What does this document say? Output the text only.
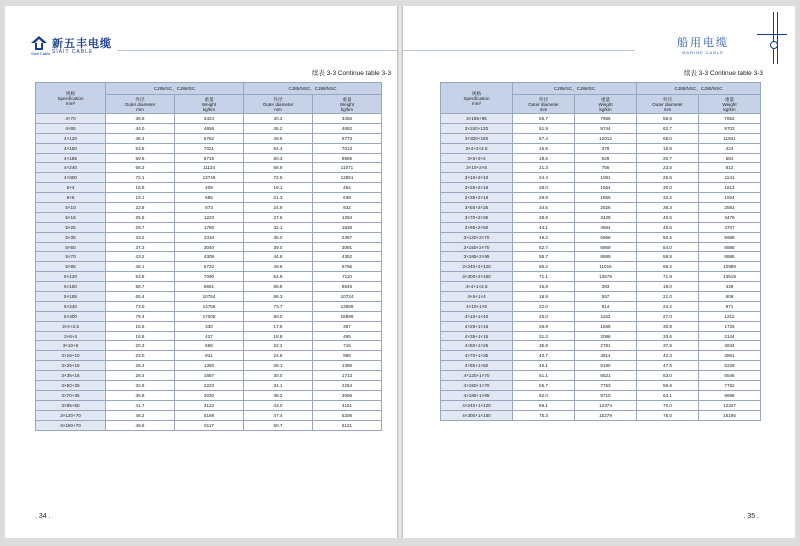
新五丰电缆
Siait Cable SIAIT CABLE
续表 3-3 Continue table 3-3
规格
Specification
mm²	CJ85/SC、CJ86/SC		CJ85/NSC、CJ86/NSC	

	外径
Outer diameter
mm	重量
Weight
kg/km	外径
Outer diameter
mm	重量
Weight
kg/km

4×70	38.9	3424	40.2	3456
4×95	44.0	4658	45.2	4682
4×120	48.4	5762	49.5	5773
4×150	53.5	7021	54.4	7013
4×185	59.5	8716	60.3	8685
4×240	66.3	11134	66.9	11071
4×300	72.1	13748	72.5	13651
5×4	16.9	409	19.1	454
5×6	19.1	585	21.3	638
5×10	22.8	873	24.9	932
5×16	25.5	1223	27.6	1284
5×25	29.7	1780	32.1	1838
5×35	33.2	2310	35.0	2367
5×50	37.3	3040	39.0	3091
5×70	43.2	4308	44.8	4352
5×95	48.1	5722	49.6	5756
5×120	53.6	7090	54.9	7110
5×150	58.7	8651	59.8	8649
5×185	65.4	10754	66.3	10724
5×240	73.0	13758	73.7	13689
5×300	79.4	17008	80.0	16899
3×4+2.5	15.6	330	17.6	367
3×6+4	16.8	427	18.8	465
3×10+6	20.3	668	22.2	715
3×16+10	23.0	941	24.8	989
3×25+16	26.4	1350	28.1	1396
3×35+16	28.4	1667	30.0	1713
3×50+25	32.6	2223	34.1	2264
3×70+35	36.8	3030	38.2	3066
3×95+50	41.7	4122	43.0	4151
3×120+70	46.2	5189	47.4	5206
3×150+70	49.6	6117	50.7	6121
. 34 .
船用电缆
MARINE CABLE
续表 3-3 Continue table 3-3
规格
Specification
mm²	CJ85/SC、CJ86/SC		CJ85/NSC、CJ86/NSC	

	外径
Outer diameter
mm	重量
Weight
kg/km	外径
Outer diameter
mm	重量
Weight
kg/km

3×185+95	55.7	7666	56.6	7652
3×240+120	61.9	9744	62.7	9703
3×300+150	67.4	12012	68.0	11941
3×4+2×2.5	16.6	378	18.9	424
3×6+2×4	18.5	529	20.7	581
3×10+2×6	21.3	755	23.5	812
3×16+2×10	24.4	1081	26.5	1141
3×25+2×16	28.0	1554	30.0	1613
3×35+2×16	29.8	1865	32.2	1924
3×50+2×25	34.5	2526	36.3	2581
3×70+2×35	38.8	3429	40.5	3479
3×95+2×50	44.1	4664	45.6	4707
3×120+2×70	49.2	5968	50.5	5988
3×150+2×70	52.7	6869	54.0	6888
3×185+2×95	58.7	8685	59.8	8685
3×240+2×120	65.2	11016	66.2	10988
3×300+2×150	71.1	13579	71.9	13519
4×4+1×2.5	16.8	393	19.0	439
4×6+1×4	18.8	557	21.0	609
4×10+1×6	22.0	814	24.2	871
4×16+1×10	25.0	1152	27.0	1212
4×25+1×16	28.9	1666	30.8	1725
4×35+1×16	31.2	2086	33.6	2144
4×50+1×25	35.9	2781	37.6	2834
4×70+1×35	40.7	3814	42.3	3861
4×95+1×50	46.1	5190	47.6	5228
4×120+1×70	51.1	6521	53.0	6546
4×150+1×70	55.7	7753	56.9	7762
4×185+1×95	62.0	9710	63.1	9696
4×240+1×120	69.1	12374	70.0	12327
4×300+1×150	75.3	15279	76.0	15195
. 35 .
